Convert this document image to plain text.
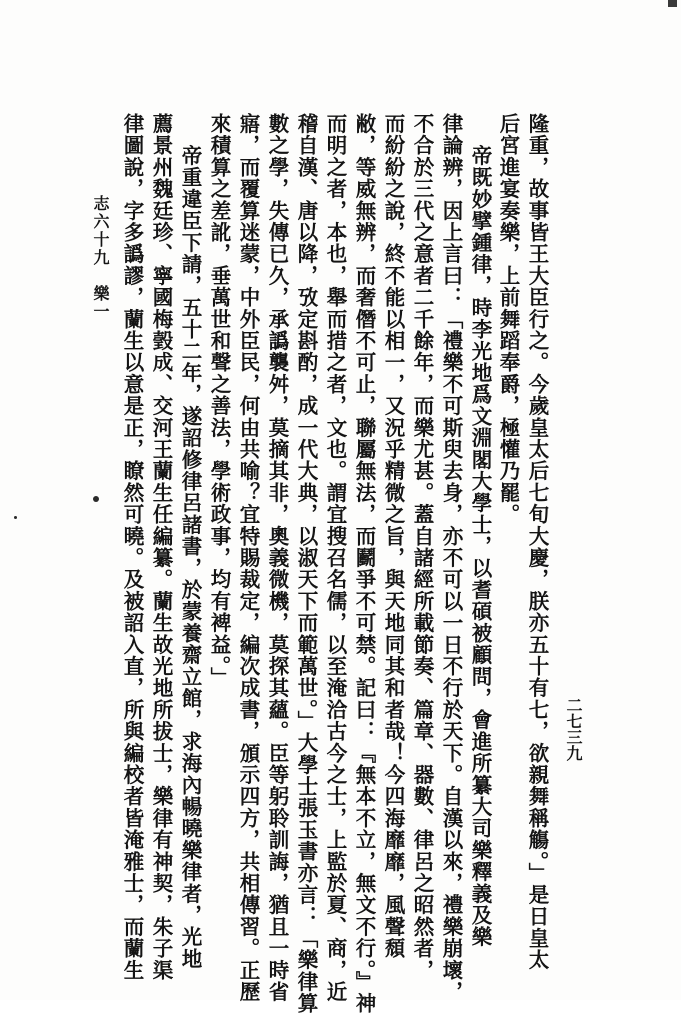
隆重，故事皆王大臣行之。今歲皇太后七旬大慶，朕亦五十有七，欲親舞稱觴。」是日皇太
后宮進宴奏樂，上前舞蹈奉爵，極懽乃罷。
帝既妙擘鍾律，時李光地爲文淵閣大學士，以耆碩被顧問，會進所纂大司樂釋義及樂
律論辨，因上言曰：「禮樂不可斯臾去身，亦不可以一日不行於天下。自漢以來，禮樂崩壞，
不合於三代之意者二千餘年，而樂尤甚。蓋自諸經所載節奏、篇章、器數、律呂之昭然者，
而紛紛之說，終不能以相一，又況乎精微之旨，與天地同其和者哉！今四海靡靡，風聲頹
敝，等威無辨，而奢僭不可止，聯屬無法，而鬬爭不可禁。記曰：『無本不立，無文不行。』神
而明之者，本也，舉而措之者，文也。謂宜搜召名儒，以至淹洽古今之士，上監於夏、商，近
稽自漢、唐以降，攷定斟酌，成一代大典，以淑天下而範萬世。」大學士張玉書亦言：「樂律算
數之學，失傳已久，承譌襲舛，莫摘其非，奧義微機，莫探其蘊。臣等躬聆訓誨，猶且一時省
寤，而覆算迷蒙，中外臣民，何由共喻？宜特賜裁定，編次成書，頒示四方，共相傳習。正歷
來積算之差訛，垂萬世和聲之善法，學術政事，均有裨益。」
帝重違臣下請，五十二年，遂詔修律呂諸書，於蒙養齋立館，求海內暢曉樂律者，光地
薦景州魏廷珍、寧國梅瑴成、交河王蘭生任編纂。蘭生故光地所拔士，樂律有神契，朱子渠
律圖說，字多譌謬，蘭生以意是正，瞭然可曉。及被詔入直，所與編校者皆淹雅士，而蘭生
志六十九　樂一
二七三九
